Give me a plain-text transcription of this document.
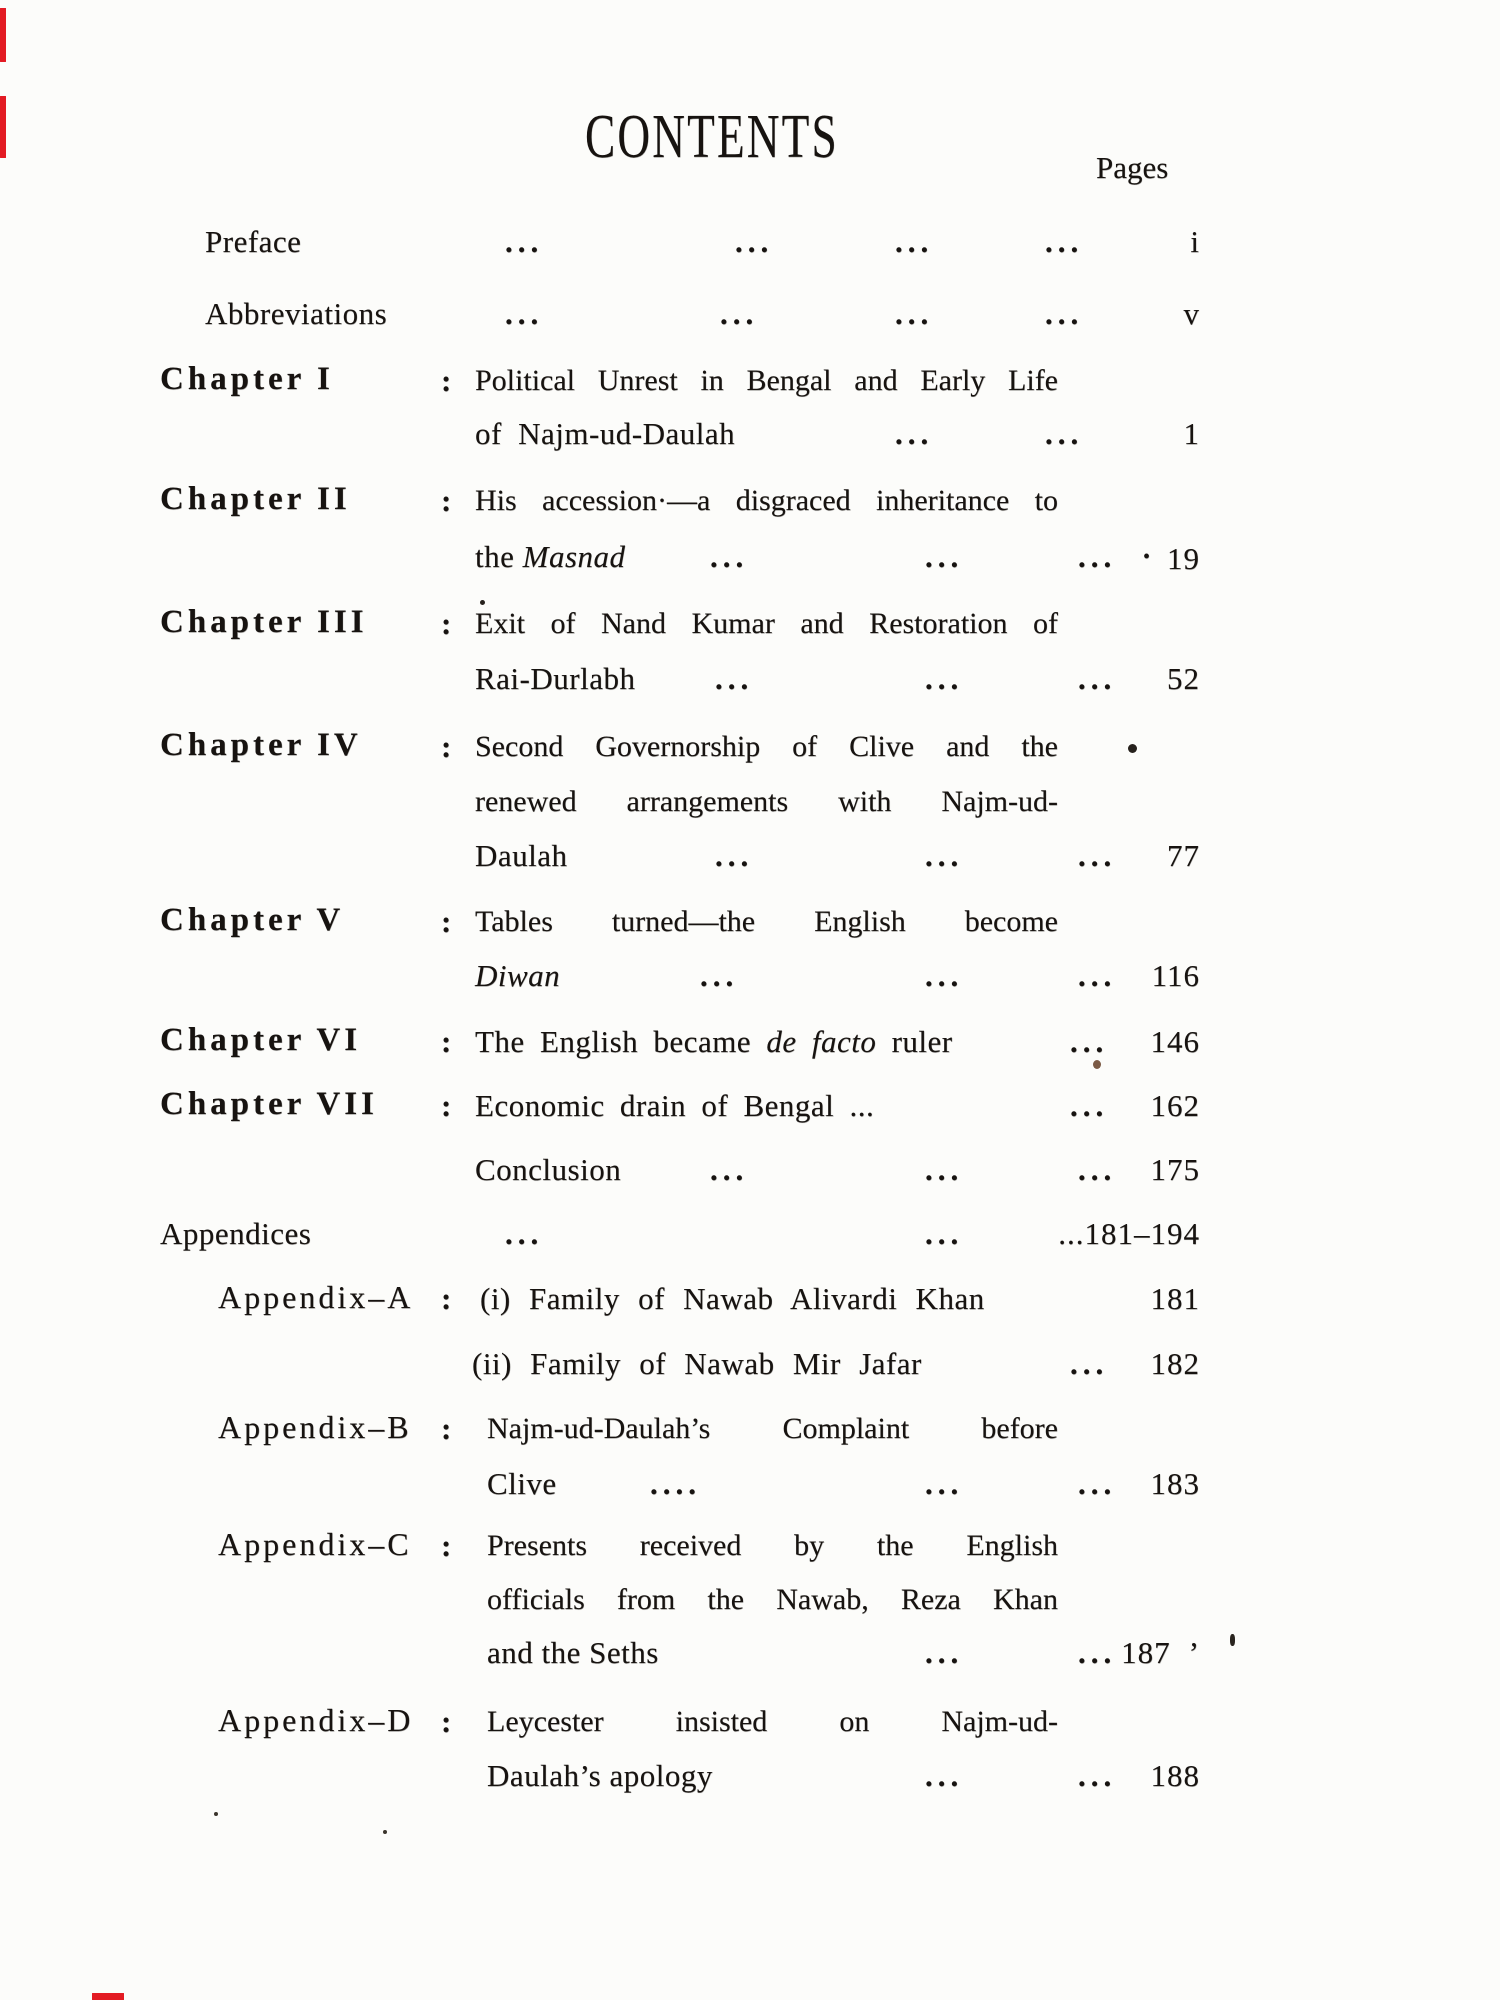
CONTENTS	Pages
Preface	...	...	...	...	i
Abbreviations	...	...	...	...	v
Chapter I	: Political Unrest in Bengal and Early Life
of Najm-ud-Daulah	...	...	1
Chapter II	: His accession·—a disgraced inheritance to
the Masnad	...	...	...	• 19
Chapter III : Exit of Nand Kumar and Restoration of
Rai-Durlabh	...	...	...	52
Chapter IV	: Second Governorship of Clive and the
renewed arrangements with Najm-ud-
Daulah	...	...	...	77
Chapter V	: Tables turned—the English become
Diwan	...	...	...	116
Chapter VI	: The English became de facto ruler	...	146
Chapter VII : Economic drain of Bengal ...	...	162
Conclusion	...	...	...	175
Appendices	...	...	...181–194
Appendix–A : (i) Family of Nawab Alivardi Khan	181
(ii) Family of Nawab Mir Jafar	...	182
Appendix–B : Najm-ud-Daulah’s Complaint before
Clive	....	...	...	183
Appendix–C : Presents received by the English
officials from the Nawab, Reza Khan
and the Seths	...	... 187 ’
Appendix–D : Leycester insisted on Najm-ud-
Daulah’s apology	...	...	188
